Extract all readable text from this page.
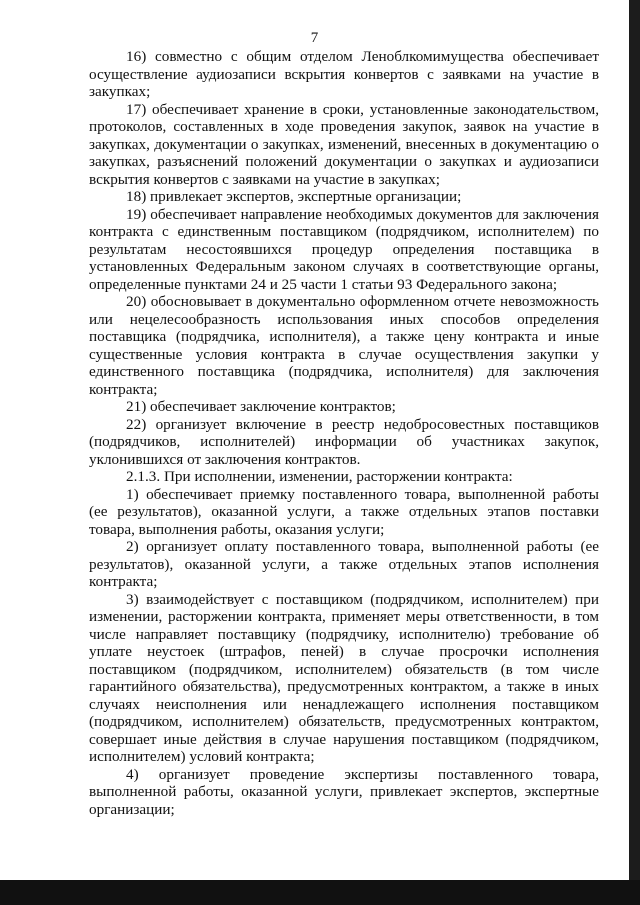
7

16) совместно с общим отделом Леноблкомимущества обеспечивает осуществление аудиозаписи вскрытия конвертов с заявками на участие в закупках;

17) обеспечивает хранение в сроки, установленные законодательством, протоколов, составленных в ходе проведения закупок, заявок на участие в закупках, документации о закупках, изменений, внесенных в документацию о закупках, разъяснений положений документации о закупках и аудиозаписи вскрытия конвертов с заявками на участие в закупках;

18) привлекает экспертов, экспертные организации;

19) обеспечивает направление необходимых документов для заключения контракта с единственным поставщиком (подрядчиком, исполнителем) по результатам несостоявшихся процедур определения поставщика в установленных Федеральным законом случаях в соответствующие органы, определенные пунктами 24 и 25 части 1 статьи 93 Федерального закона;

20) обосновывает в документально оформленном отчете невозможность или нецелесообразность использования иных способов определения поставщика (подрядчика, исполнителя), а также цену контракта и иные существенные условия контракта в случае осуществления закупки у единственного поставщика (подрядчика, исполнителя) для заключения контракта;

21) обеспечивает заключение контрактов;

22) организует включение в реестр недобросовестных поставщиков (подрядчиков, исполнителей) информации об участниках закупок, уклонившихся от заключения контрактов.

2.1.3. При исполнении, изменении, расторжении контракта:

1) обеспечивает приемку поставленного товара, выполненной работы (ее результатов), оказанной услуги, а также отдельных этапов поставки товара, выполнения работы, оказания услуги;

2) организует оплату поставленного товара, выполненной работы (ее результатов), оказанной услуги, а также отдельных этапов исполнения контракта;

3) взаимодействует с поставщиком (подрядчиком, исполнителем) при изменении, расторжении контракта, применяет меры ответственности, в том числе направляет поставщику (подрядчику, исполнителю) требование об уплате неустоек (штрафов, пеней) в случае просрочки исполнения поставщиком (подрядчиком, исполнителем) обязательств (в том числе гарантийного обязательства), предусмотренных контрактом, а также в иных случаях неисполнения или ненадлежащего исполнения поставщиком (подрядчиком, исполнителем) обязательств, предусмотренных контрактом, совершает иные действия в случае нарушения поставщиком (подрядчиком, исполнителем) условий контракта;

4) организует проведение экспертизы поставленного товара, выполненной работы, оказанной услуги, привлекает экспертов, экспертные организации;
